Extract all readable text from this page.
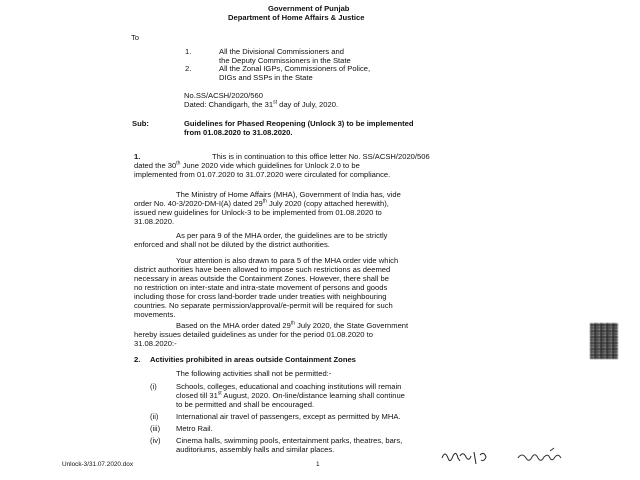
Government of Punjab
Department of Home Affairs & Justice
To
1.	All the Divisional Commissioners and
the Deputy Commissioners in the State
2.	All the Zonal IGPs, Commissioners of Police,
DIGs and SSPs in the State
No.SS/ACSH/2020/560
Dated: Chandigarh, the 31st day of July, 2020.
Sub:	Guidelines for Phased Reopening (Unlock 3) to be implemented
from 01.08.2020 to 31.08.2020.
1.	This is in continuation to this office letter No. SS/ACSH/2020/506
dated the 30th June 2020 vide which guidelines for Unlock 2.0 to be
implemented from 01.07.2020 to 31.07.2020 were circulated for compliance.
The Ministry of Home Affairs (MHA), Government of India has, vide
order No. 40-3/2020-DM-I(A) dated 29th July 2020 (copy attached herewith),
issued new guidelines for Unlock-3 to be implemented from 01.08.2020 to
31.08.2020.
As per para 9 of the MHA order, the guidelines are to be strictly
enforced and shall not be diluted by the district authorities.
Your attention is also drawn to para 5 of the MHA order vide which
district authorities have been allowed to impose such restrictions as deemed
necessary in areas outside the Containment Zones. However, there shall be
no restriction on inter-state and intra-state movement of persons and goods
including those for cross land-border trade under treaties with neighbouring
countries. No separate permission/approval/e-permit will be required for such
movements.
Based on the MHA order dated 29th July 2020, the State Government
hereby issues detailed guidelines as under for the period 01.08.2020 to
31.08.2020:-
2. Activities prohibited in areas outside Containment Zones
The following activities shall not be permitted:-
(i)	Schools, colleges, educational and coaching institutions will remain
closed till 31st August, 2020. On-line/distance learning shall continue
to be permitted and shall be encouraged.
(ii) International air travel of passengers, except as permitted by MHA.
(iii) Metro Rail.
(iv) Cinema halls, swimming pools, entertainment parks, theatres, bars,
auditoriums, assembly halls and similar places.
Unlock-3/31.07.2020.dox	1
